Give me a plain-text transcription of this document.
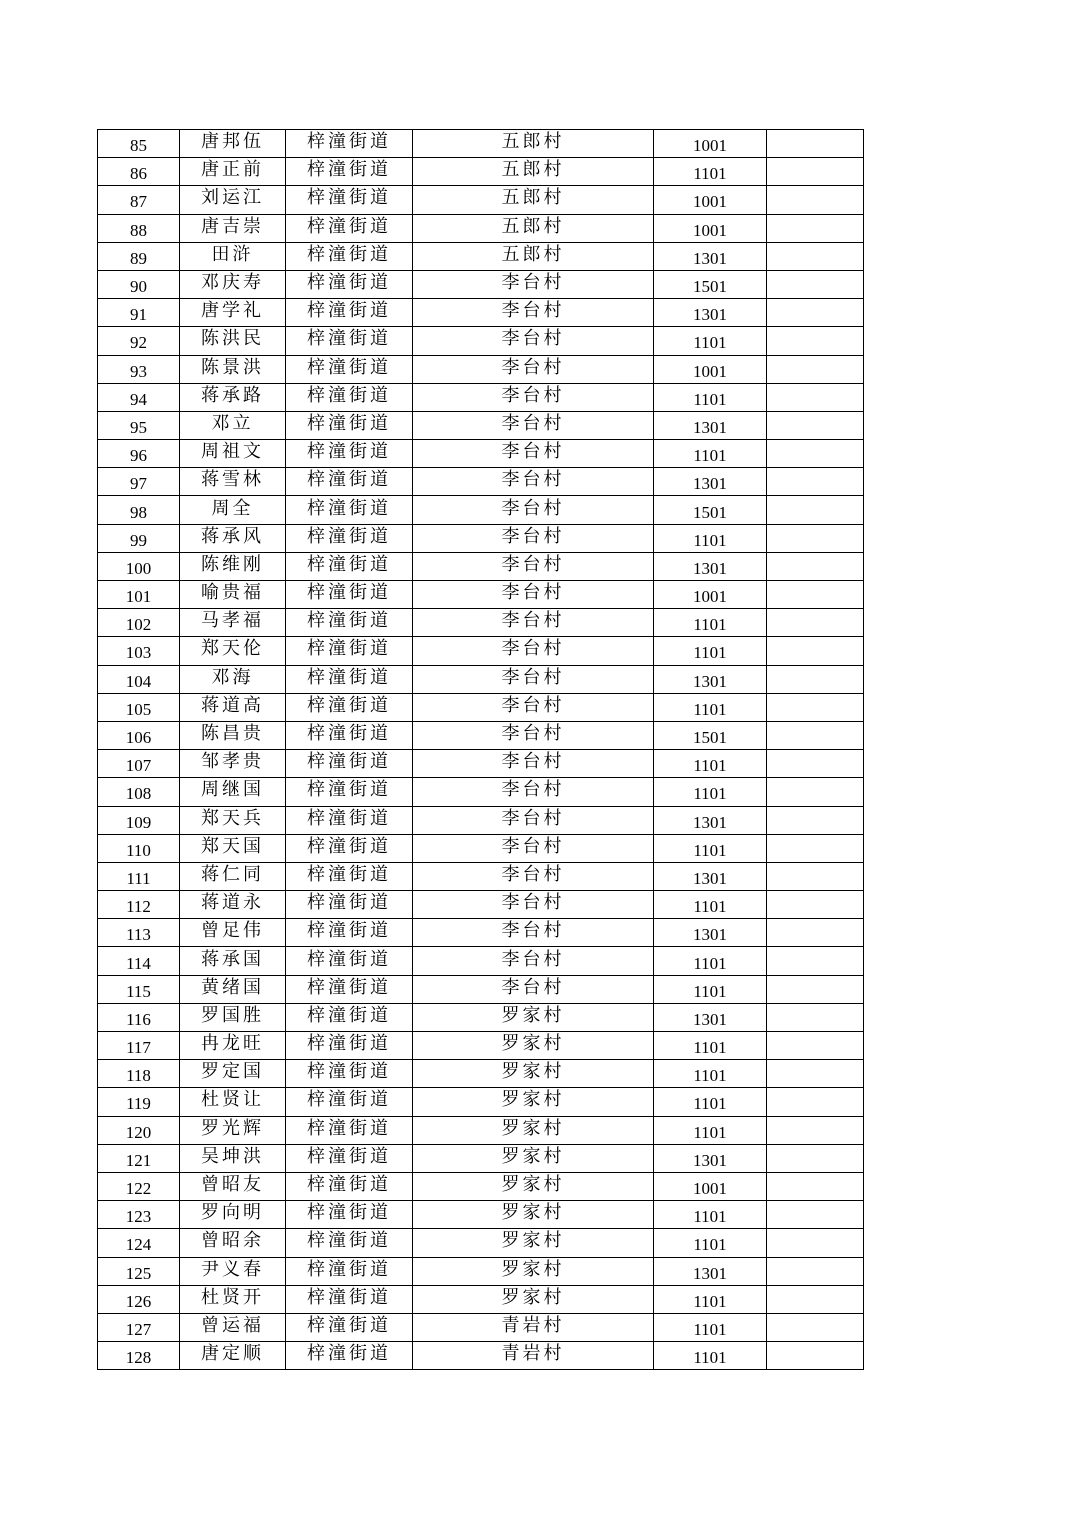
85	唐邦伍	梓潼街道	五郎村	1001	
86	唐正前	梓潼街道	五郎村	1101	
87	刘运江	梓潼街道	五郎村	1001	
88	唐吉崇	梓潼街道	五郎村	1001	
89	田浒	梓潼街道	五郎村	1301	
90	邓庆寿	梓潼街道	李台村	1501	
91	唐学礼	梓潼街道	李台村	1301	
92	陈洪民	梓潼街道	李台村	1101	
93	陈景洪	梓潼街道	李台村	1001	
94	蒋承路	梓潼街道	李台村	1101	
95	邓立	梓潼街道	李台村	1301	
96	周祖文	梓潼街道	李台村	1101	
97	蒋雪林	梓潼街道	李台村	1301	
98	周全	梓潼街道	李台村	1501	
99	蒋承风	梓潼街道	李台村	1101	
100	陈维刚	梓潼街道	李台村	1301	
101	喻贵福	梓潼街道	李台村	1001	
102	马孝福	梓潼街道	李台村	1101	
103	郑天伦	梓潼街道	李台村	1101	
104	邓海	梓潼街道	李台村	1301	
105	蒋道高	梓潼街道	李台村	1101	
106	陈昌贵	梓潼街道	李台村	1501	
107	邹孝贵	梓潼街道	李台村	1101	
108	周继国	梓潼街道	李台村	1101	
109	郑天兵	梓潼街道	李台村	1301	
110	郑天国	梓潼街道	李台村	1101	
111	蒋仁同	梓潼街道	李台村	1301	
112	蒋道永	梓潼街道	李台村	1101	
113	曾足伟	梓潼街道	李台村	1301	
114	蒋承国	梓潼街道	李台村	1101	
115	黄绪国	梓潼街道	李台村	1101	
116	罗国胜	梓潼街道	罗家村	1301	
117	冉龙旺	梓潼街道	罗家村	1101	
118	罗定国	梓潼街道	罗家村	1101	
119	杜贤让	梓潼街道	罗家村	1101	
120	罗光辉	梓潼街道	罗家村	1101	
121	吴坤洪	梓潼街道	罗家村	1301	
122	曾昭友	梓潼街道	罗家村	1001	
123	罗向明	梓潼街道	罗家村	1101	
124	曾昭余	梓潼街道	罗家村	1101	
125	尹义春	梓潼街道	罗家村	1301	
126	杜贤开	梓潼街道	罗家村	1101	
127	曾运福	梓潼街道	青岩村	1101	
128	唐定顺	梓潼街道	青岩村	1101	
